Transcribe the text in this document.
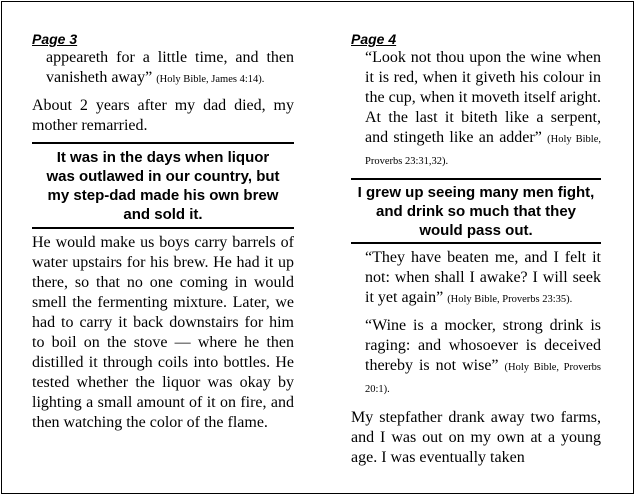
Page 3

appeareth for a little time, and then vanisheth away” (Holy Bible, James 4:14).

About 2 years after my dad died, my mother remarried.

It was in the days when liquor was outlawed in our country, but my step-dad made his own brew and sold it.

He would make us boys carry barrels of water upstairs for his brew. He had it up there, so that no one coming in would smell the fermenting mixture. Later, we had to carry it back downstairs for him to boil on the stove — where he then distilled it through coils into bottles. He tested whether the liquor was okay by lighting a small amount of it on fire, and then watching the color of the flame.

Page 4

“Look not thou upon the wine when it is red, when it giveth his colour in the cup, when it moveth itself aright. At the last it biteth like a serpent, and stingeth like an adder” (Holy Bible, Proverbs 23:31,32).

I grew up seeing many men fight, and drink so much that they would pass out.

“They have beaten me, and I felt it not: when shall I awake? I will seek it yet again” (Holy Bible, Proverbs 23:35).

“Wine is a mocker, strong drink is raging: and whosoever is deceived thereby is not wise” (Holy Bible, Proverbs 20:1).

My stepfather drank away two farms, and I was out on my own at a young age. I was eventually taken
